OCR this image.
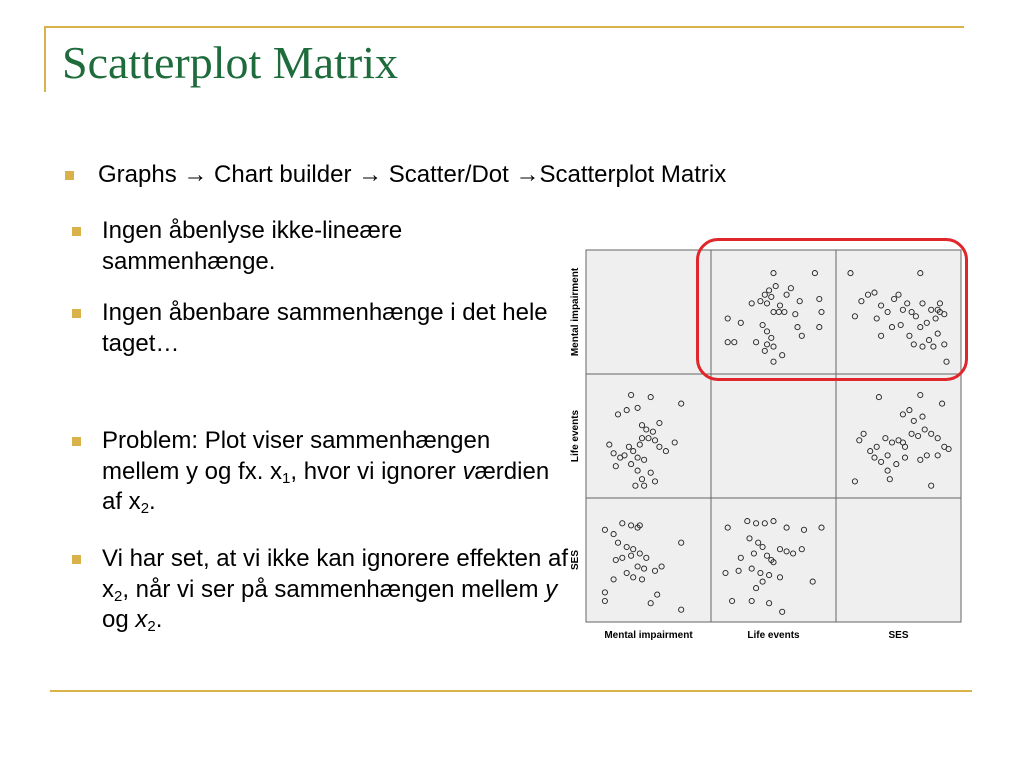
Scatterplot Matrix
Graphs → Chart builder → Scatter/Dot →Scatterplot Matrix
Ingen åbenlyse ikke-lineære sammenhænge.
Ingen åbenbare sammenhænge i det hele taget…
Problem: Plot viser sammenhængen mellem y og fx. $x_1$, hvor vi ignorer værdien af $x_2$.
Vi har set, at vi ikke kan ignorere effekten af $x_2$, når vi ser på sammenhængen mellem y og $x_2$.
Mental impairment	Life events	SES
Mental impairment
Life events
SES
